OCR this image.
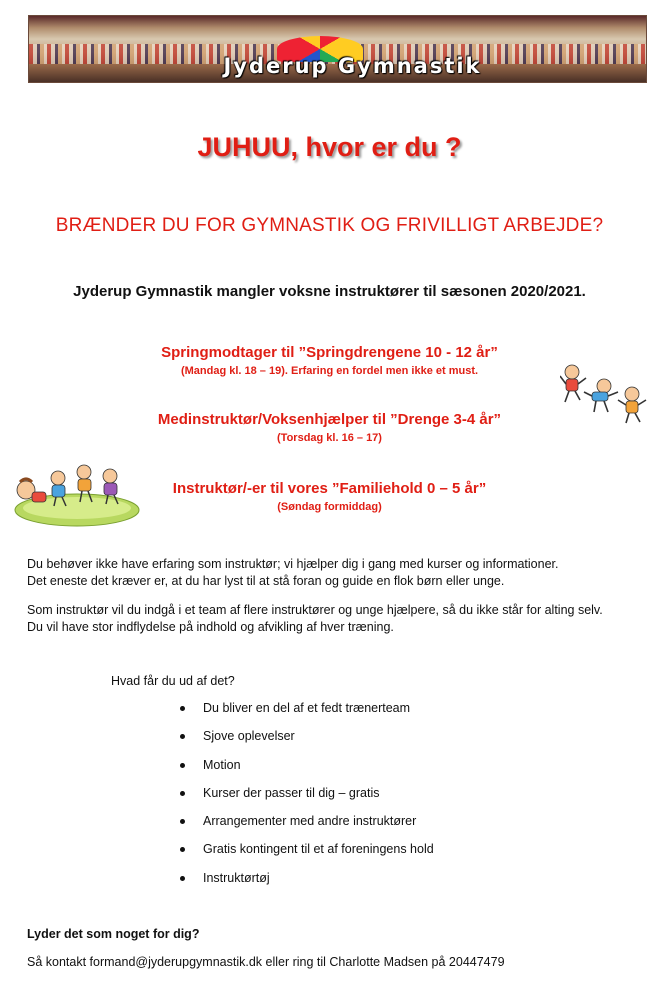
Jyderup Gymnastik
JUHUU, hvor er du ?
BRÆNDER DU FOR GYMNASTIK OG FRIVILLIGT ARBEJDE?
Jyderup Gymnastik mangler voksne instruktører til sæsonen 2020/2021.
Springmodtager til ”Springdrengene 10 - 12 år”
(Mandag kl. 18 – 19). Erfaring en fordel men ikke et must.
Medinstruktør/Voksenhjælper til ”Drenge 3-4 år”
(Torsdag kl. 16 – 17)
Instruktør/-er til vores ”Familiehold 0 – 5 år”
(Søndag formiddag)
Du behøver ikke have erfaring som instruktør; vi hjælper dig i gang med kurser og informationer.
Det eneste det kræver er, at du har lyst til at stå foran og guide en flok børn eller unge.
Som instruktør vil du indgå i et team af flere instruktører og unge hjælpere, så du ikke står for alting selv.
Du vil have stor indflydelse på indhold og afvikling af hver træning.
Hvad får du ud af det?
Du bliver en del af et fedt trænerteam
Sjove oplevelser
Motion
Kurser der passer til dig – gratis
Arrangementer med andre instruktører
Gratis kontingent til et af foreningens hold
Instruktørtøj
Lyder det som noget for dig?
Så kontakt formand@jyderupgymnastik.dk eller ring til Charlotte Madsen på 20447479
